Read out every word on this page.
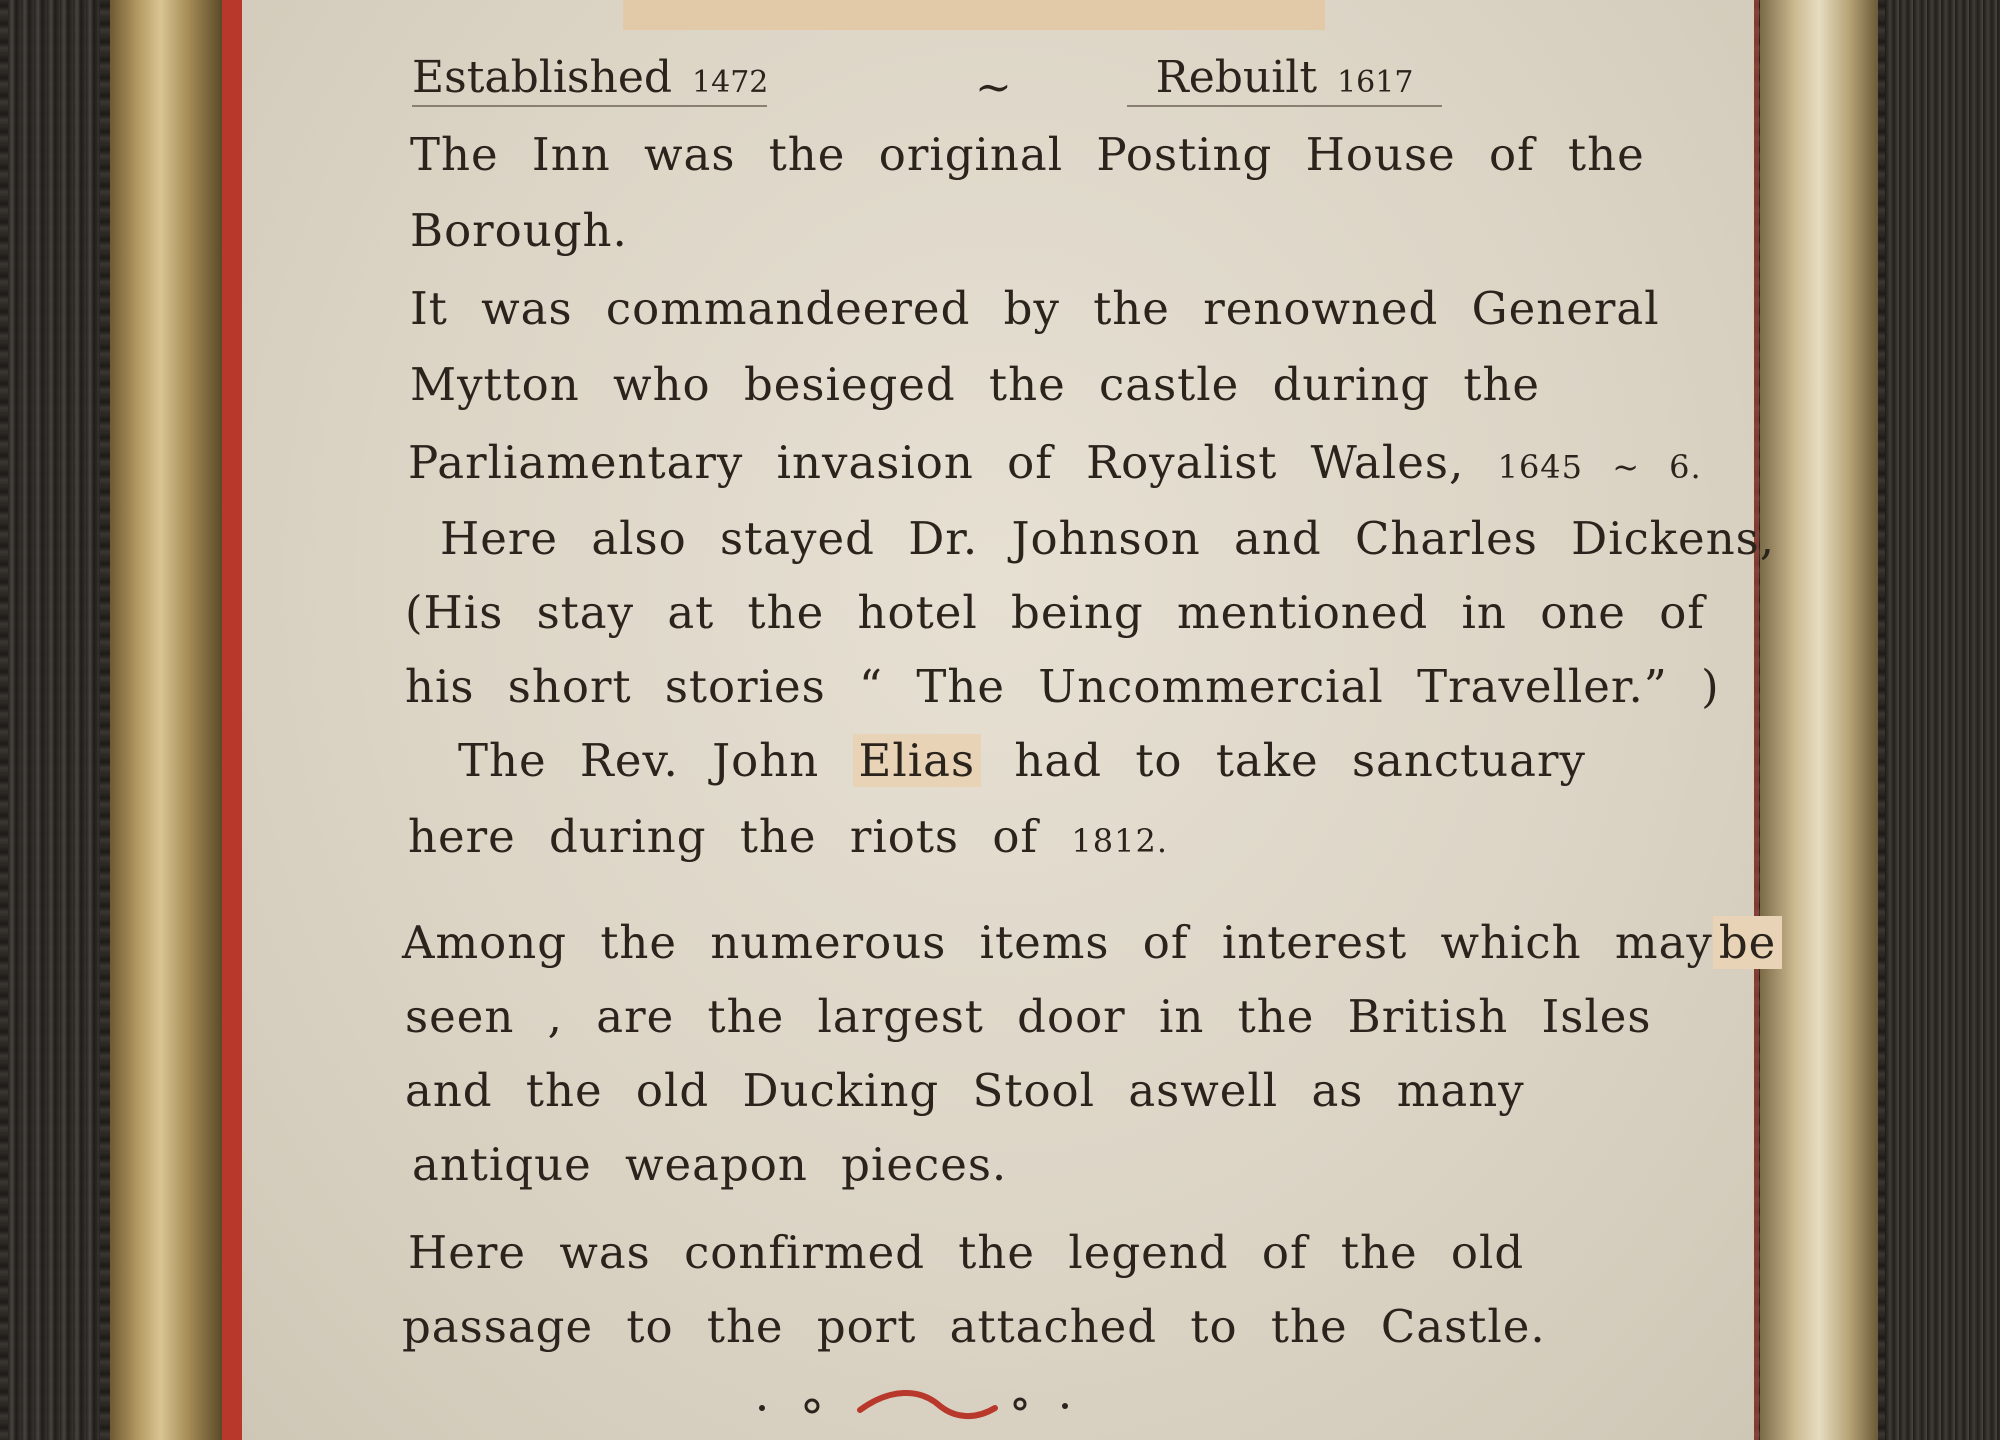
Established 1472	~	Rebuilt 1617
The Inn was the original Posting House of the
Borough.
It was commandeered by the renowned General
Mytton who besieged the castle during the
Parliamentary invasion of Royalist Wales, 1645 ~ 6.
Here also stayed Dr. Johnson and Charles Dickens,
(His stay at the hotel being mentioned in one of
his short stories “ The Uncommercial Traveller.” )
The Rev. John Elias had to take sanctuary
here during the riots of 1812.
Among the numerous items of interest which may be
seen , are the largest door in the British Isles
and the old Ducking Stool aswell as many
antique weapon pieces.
Here was confirmed the legend of the old
passage to the port attached to the Castle.
